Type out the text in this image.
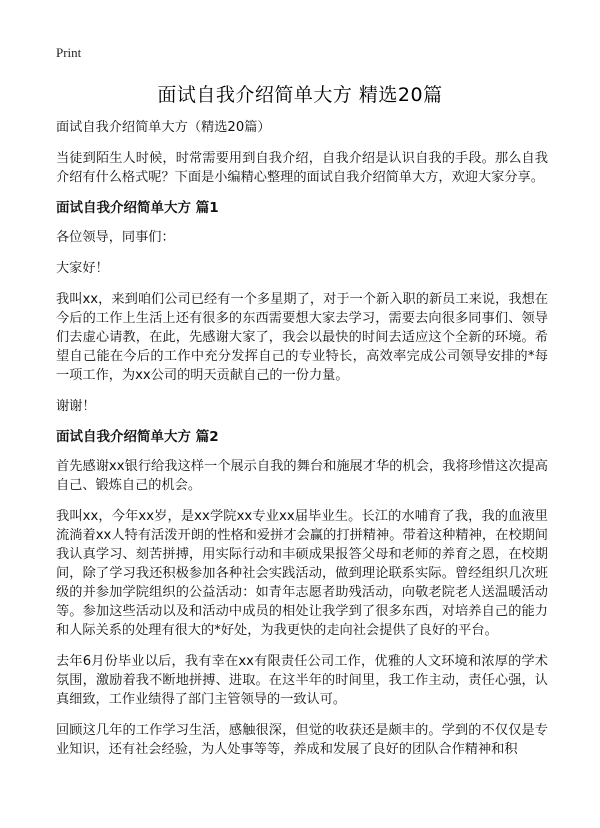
Print
面试自我介绍简单大方 精选20篇

面试自我介绍简单大方（精选20篇）

当徒到陌生人时候，时常需要用到自我介绍，自我介绍是认识自我的手段。那么自我介绍有什么格式呢？下面是小编精心整理的面试自我介绍简单大方，欢迎大家分享。

面试自我介绍简单大方 篇1

各位领导，同事们：

大家好！

我叫xx，来到咱们公司已经有一个多星期了，对于一个新入职的新员工来说，我想在今后的工作上生活上还有很多的东西需要想大家去学习，需要去向很多同事们、领导们去虚心请教，在此，先感谢大家了，我会以最快的时间去适应这个全新的环境。希望自己能在今后的工作中充分发挥自己的专业特长，高效率完成公司领导安排的*每一项工作，为xx公司的明天贡献自己的一份力量。

谢谢！

面试自我介绍简单大方 篇2

首先感谢xx银行给我这样一个展示自我的舞台和施展才华的机会，我将珍惜这次提高自己、锻炼自己的机会。

我叫xx，今年xx岁，是xx学院xx专业xx届毕业生。长江的水哺育了我，我的血液里流淌着xx人特有活泼开朗的性格和爱拼才会赢的打拼精神。带着这种精神，在校期间我认真学习、刻苦拼搏，用实际行动和丰硕成果报答父母和老师的养育之恩，在校期间，除了学习我还积极参加各种社会实践活动，做到理论联系实际。曾经组织几次班级的并参加学院组织的公益活动：如青年志愿者助残活动，向敬老院老人送温暖活动等。参加这些活动以及和活动中成员的相处让我学到了很多东西，对培养自己的能力和人际关系的处理有很大的*好处，为我更快的走向社会提供了良好的平台。

去年6月份毕业以后，我有幸在xx有限责任公司工作，优雅的人文环境和浓厚的学术氛围，激励着我不断地拼搏、进取。在这半年的时间里，我工作主动，责任心强，认真细致，工作业绩得了部门主管领导的一致认可。

回顾这几年的工作学习生活，感触很深，但觉的收获还是颇丰的。学到的不仅仅是专业知识，还有社会经验，为人处事等等，养成和发展了良好的团队合作精神和积
